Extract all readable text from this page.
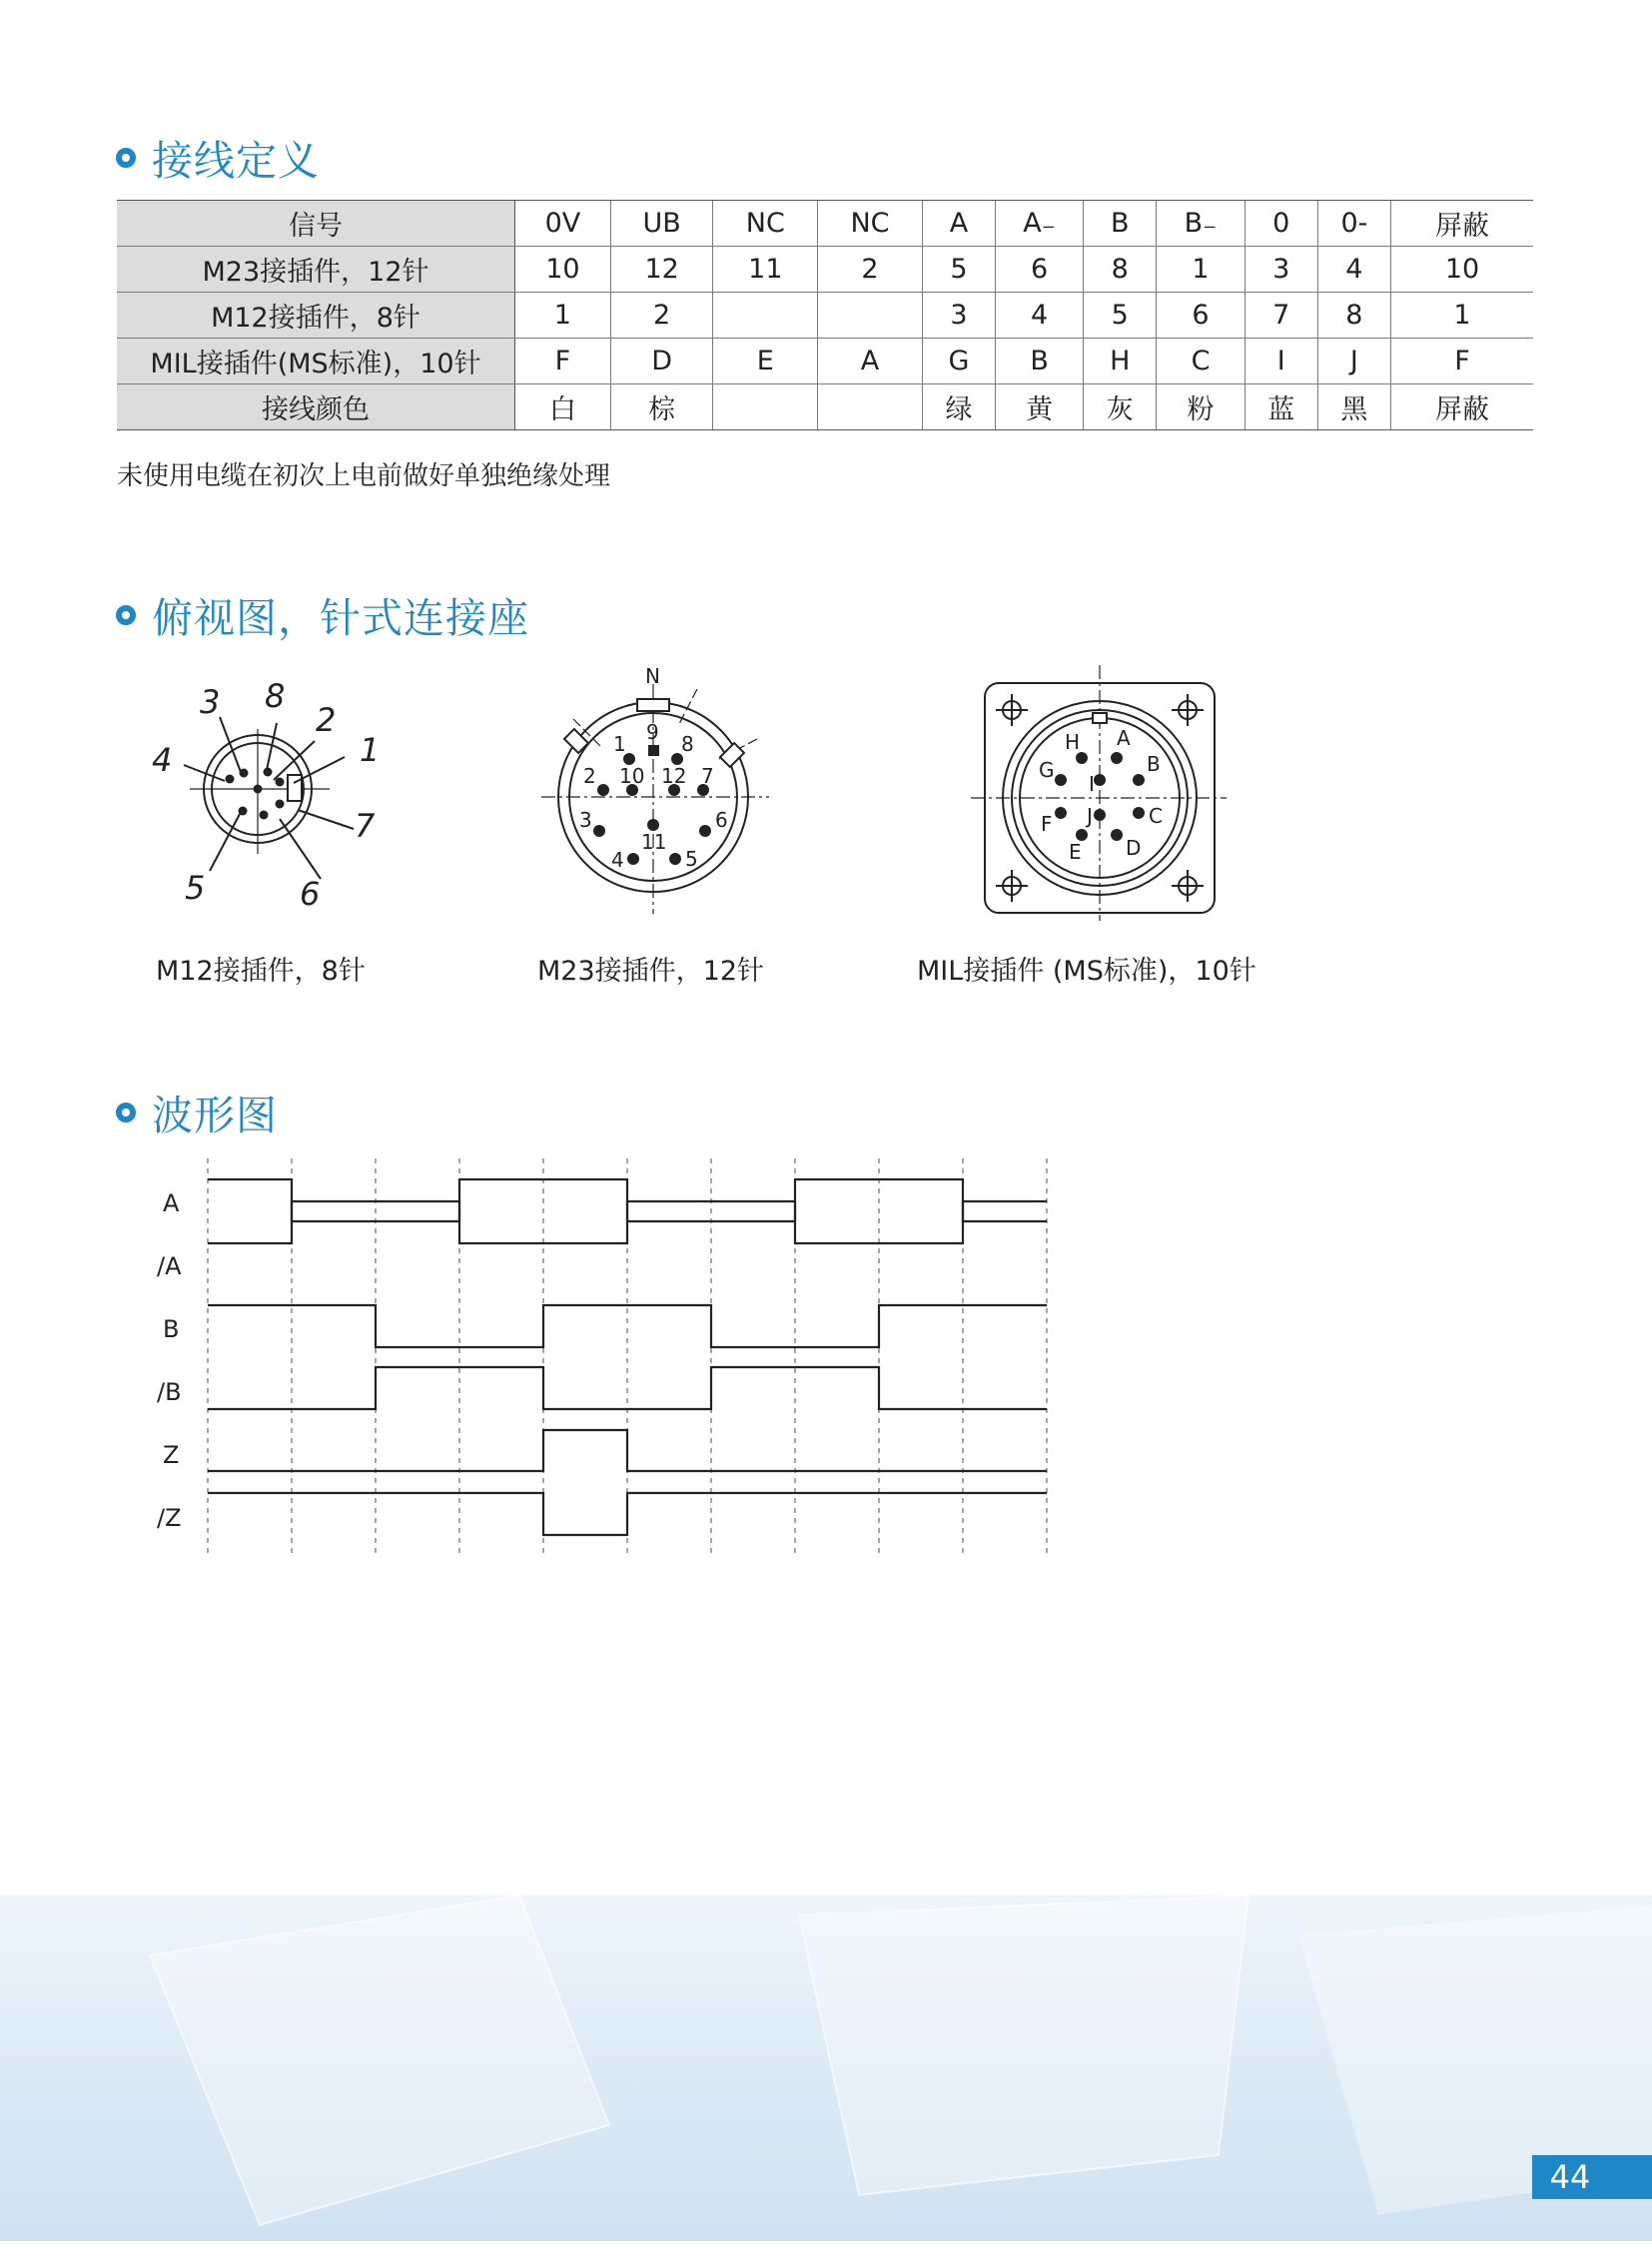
接线定义
信号	0V	UB	NC	NC	A	A₋	B	B₋	0	0-	屏蔽
M23接插件，12针	10	12	11	2	5	6	8	1	3	4	10
M12接插件，8针	1	2			3	4	5	6	7	8	1
MIL接插件(MS标准)，10针	F	D	E	A	G	B	H	C	I	J	F
接线颜色	白	棕			绿	黄	灰	粉	蓝	黑	屏蔽
未使用电缆在初次上电前做好单独绝缘处理
俯视图，针式连接座
1
2
3
4
5	6
7
8
M12接插件，8针
N
1
2
3
4	5
6
7
8
9
10
11
12
M23接插件，12针
A
B
C
D
E
F
G
H
I
J
MIL接插件 (MS标准)，10针
波形图
A
/A
B
/B
Z
/Z
44
